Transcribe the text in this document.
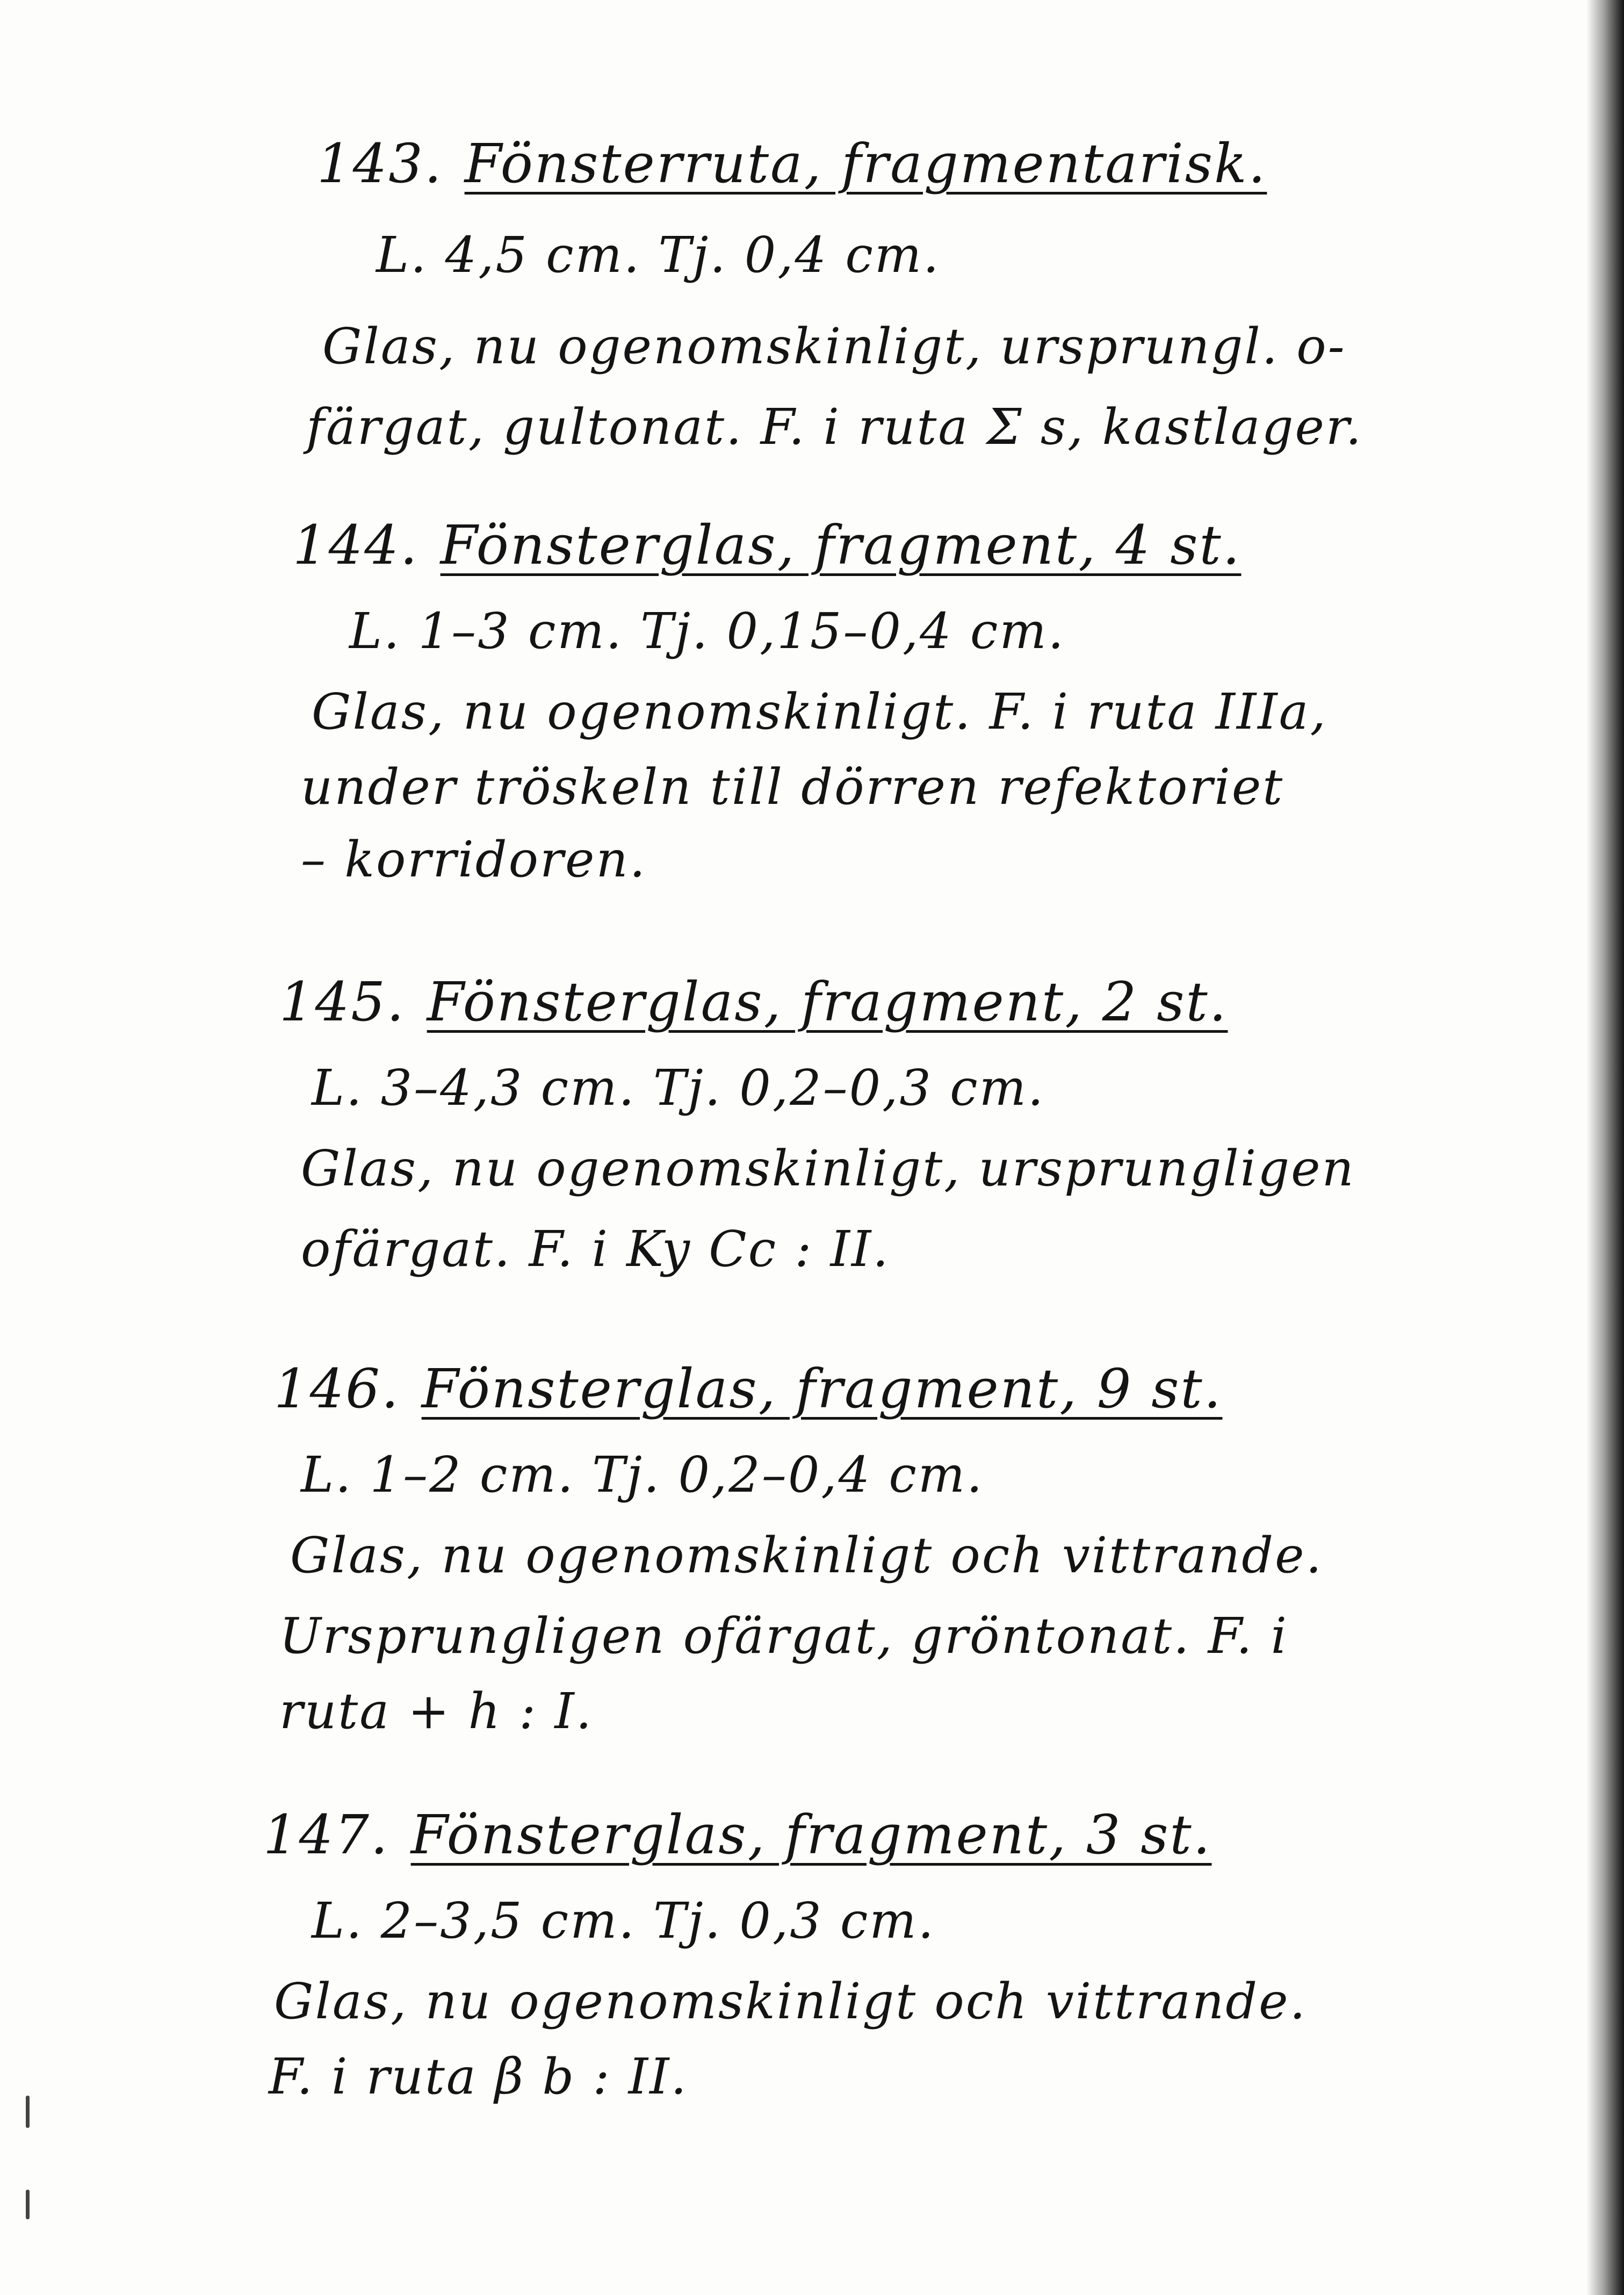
143. Fönsterruta, fragmentarisk.
L. 4,5 cm. Tj. 0,4 cm.
Glas, nu ogenomskinligt, ursprungl. o-
färgat, gultonat. F. i ruta Σ s, kastlager.
144. Fönsterglas, fragment, 4 st.
L. 1–3 cm. Tj. 0,15–0,4 cm.
Glas, nu ogenomskinligt. F. i ruta IIIa,
under tröskeln till dörren refektoriet
– korridoren.
145. Fönsterglas, fragment, 2 st.
L. 3–4,3 cm. Tj. 0,2–0,3 cm.
Glas, nu ogenomskinligt, ursprungligen
ofärgat. F. i Ky Cc : II.
146. Fönsterglas, fragment, 9 st.
L. 1–2 cm. Tj. 0,2–0,4 cm.
Glas, nu ogenomskinligt och vittrande.
Ursprungligen ofärgat, gröntonat. F. i
ruta + h : I.
147. Fönsterglas, fragment, 3 st.
L. 2–3,5 cm. Tj. 0,3 cm.
Glas, nu ogenomskinligt och vittrande.
F. i ruta β b : II.
